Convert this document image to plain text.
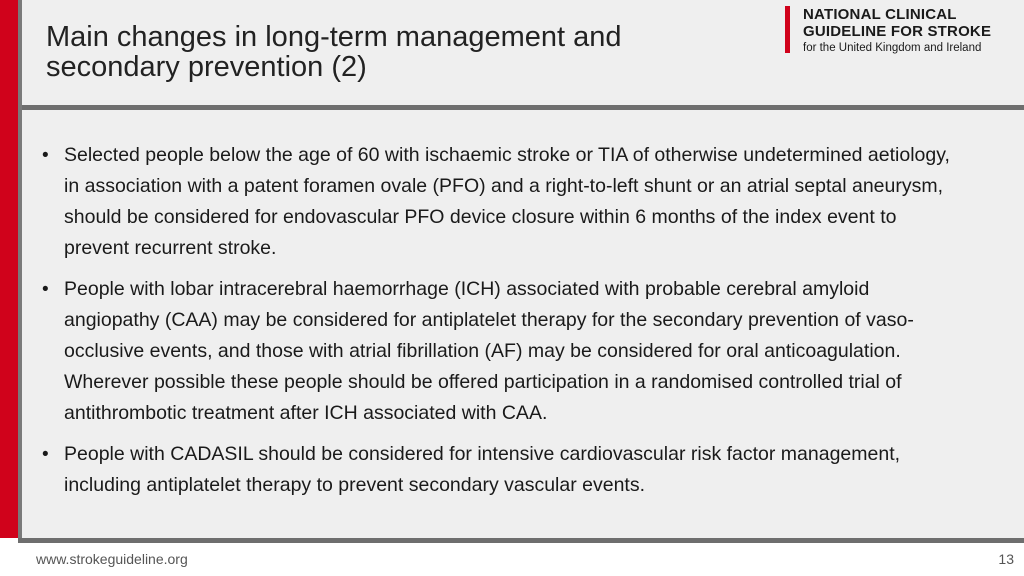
Main changes in long-term management and
secondary prevention (2)
NATIONAL CLINICAL
GUIDELINE FOR STROKE
for the United Kingdom and Ireland
• Selected people below the age of 60 with ischaemic stroke or TIA of otherwise undetermined aetiology, in association with a patent foramen ovale (PFO) and a right-to-left shunt or an atrial septal aneurysm, should be considered for endovascular PFO device closure within 6 months of the index event to prevent recurrent stroke.
• People with lobar intracerebral haemorrhage (ICH) associated with probable cerebral amyloid angiopathy (CAA) may be considered for antiplatelet therapy for the secondary prevention of vaso-occlusive events, and those with atrial fibrillation (AF) may be considered for oral anticoagulation. Wherever possible these people should be offered participation in a randomised controlled trial of antithrombotic treatment after ICH associated with CAA.
• People with CADASIL should be considered for intensive cardiovascular risk factor management, including antiplatelet therapy to prevent secondary vascular events.
www.strokeguideline.org	13
